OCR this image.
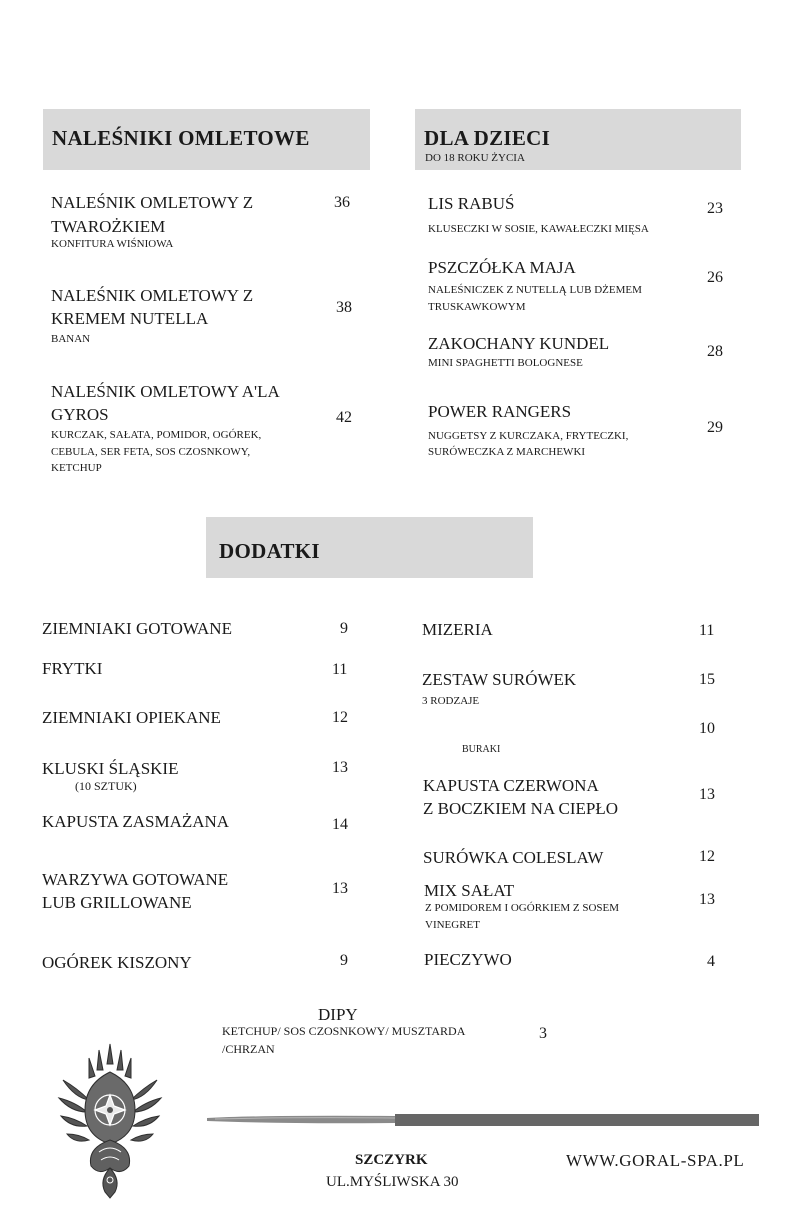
NALEŚNIKI OMLETOWE
NALEŚNIK OMLETOWY Z
TWAROŻKIEM
KONFITURA WIŚNIOWA
36
NALEŚNIK OMLETOWY Z
KREMEM NUTELLA
BANAN
38
NALEŚNIK OMLETOWY A'LA
GYROS
KURCZAK, SAŁATA, POMIDOR, OGÓREK,
CEBULA, SER FETA, SOS CZOSNKOWY,
KETCHUP
42
DLA DZIECI
DO 18 ROKU ŻYCIA
LIS RABUŚ
KLUSECZKI W SOSIE, KAWAŁECZKI MIĘSA
23
PSZCZÓŁKA MAJA
NALEŚNICZEK Z NUTELLĄ LUB DŻEMEM
TRUSKAWKOWYM
26
ZAKOCHANY KUNDEL
MINI SPAGHETTI BOLOGNESE
28
POWER RANGERS
NUGGETSY Z KURCZAKA, FRYTECZKI,
SURÓWECZKA Z MARCHEWKI
29
DODATKI
ZIEMNIAKI GOTOWANE	9
FRYTKI	11
ZIEMNIAKI OPIEKANE	12
KLUSKI ŚLĄSKIE
(10 SZTUK)
13
KAPUSTA ZASMAŻANA	14
WARZYWA GOTOWANE
LUB GRILLOWANE
13
OGÓREK KISZONY	9
MIZERIA	11
ZESTAW SURÓWEK
3 RODZAJE
15
BURAKI
10
KAPUSTA CZERWONA
Z BOCZKIEM NA CIEPŁO
13
SURÓWKA COLESLAW	12
MIX SAŁAT
Z POMIDOREM I OGÓRKIEM Z SOSEM
VINEGRET
13
PIECZYWO	4
DIPY
KETCHUP/ SOS CZOSNKOWY/ MUSZTARDA
/CHRZAN
3
SZCZYRK
UL.MYŚLIWSKA 30
WWW.GORAL-SPA.PL
